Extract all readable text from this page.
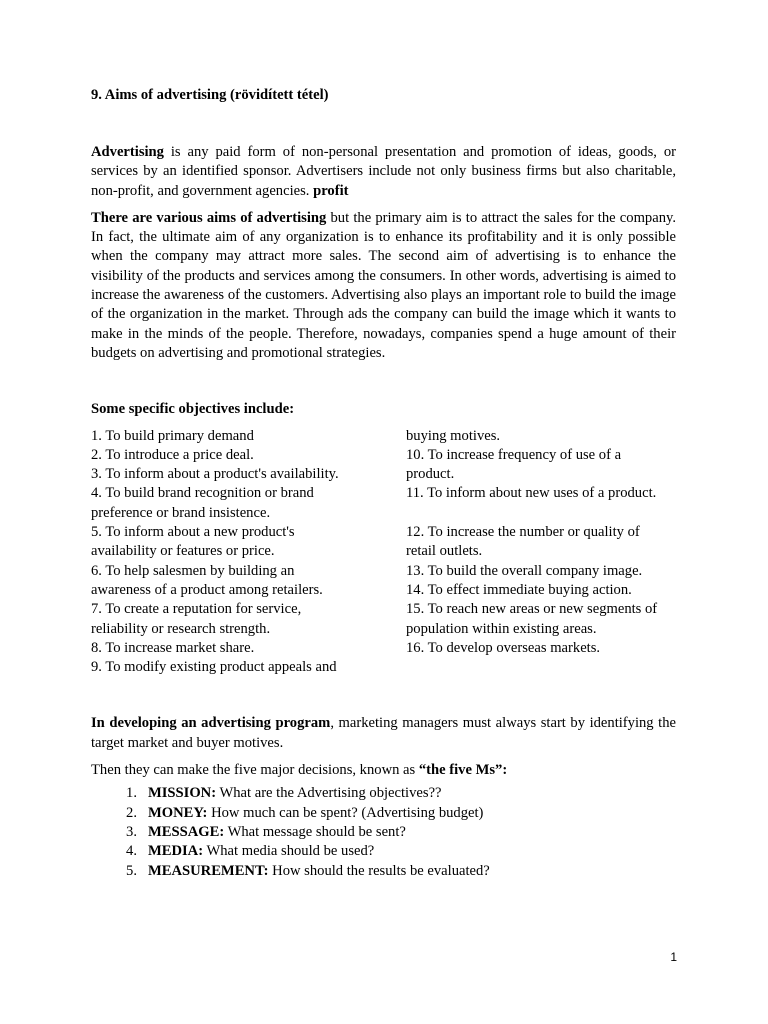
9. Aims of advertising (rövidített tétel)

Advertising is any paid form of non-personal presentation and promotion of ideas, goods, or services by an identified sponsor. Advertisers include not only business firms but also charitable, non-profit, and government agencies. profit

There are various aims of advertising but the primary aim is to attract the sales for the company. In fact, the ultimate aim of any organization is to enhance its profitability and it is only possible when the company may attract more sales. The second aim of advertising is to enhance the visibility of the products and services among the consumers. In other words, advertising is aimed to increase the awareness of the customers. Advertising also plays an important role to build the image of the organization in the market. Through ads the company can build the image which it wants to make in the minds of the people. Therefore, nowadays, companies spend a huge amount of their budgets on advertising and promotional strategies.

Some specific objectives include:
1. To build primary demand
2. To introduce a price deal.
3. To inform about a product's availability.
4. To build brand recognition or brand
preference or brand insistence.
5. To inform about a new product's
availability or features or price.
6. To help salesmen by building an
awareness of a product among retailers.
7. To create a reputation for service,
reliability or research strength.
8. To increase market share.
9. To modify existing product appeals and
buying motives.
10. To increase frequency of use of a
product.
11. To inform about new uses of a product.

12. To increase the number or quality of
retail outlets.
13. To build the overall company image.
14. To effect immediate buying action.
15. To reach new areas or new segments of
population within existing areas.
16. To develop overseas markets.

In developing an advertising program, marketing managers must always start by identifying the target market and buyer motives.

Then they can make the five major decisions, known as “the five Ms”:

1. MISSION: What are the Advertising objectives??
2. MONEY: How much can be spent? (Advertising budget)
3. MESSAGE: What message should be sent?
4. MEDIA: What media should be used?
5. MEASUREMENT: How should the results be evaluated?
1
